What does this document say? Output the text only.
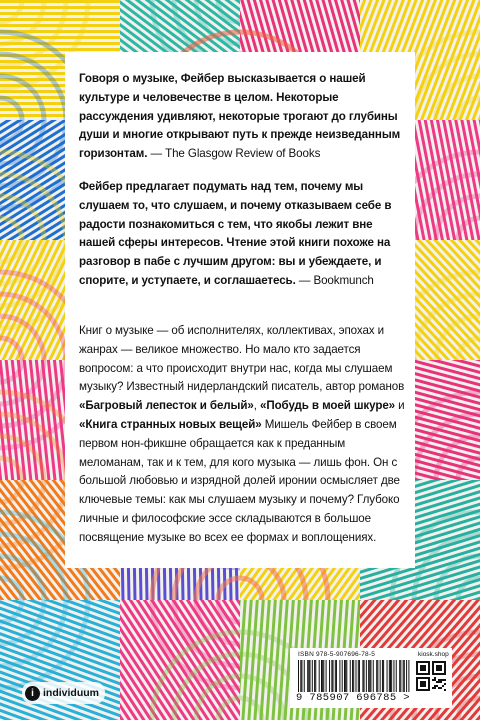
Говоря о музыке, Фейбер высказывается о нашей культуре и человечестве в целом. Некоторые рассуждения удивляют, некоторые трогают до глубины души и многие открывают путь к прежде неизведанным горизонтам. — The Glasgow Review of Books

Фейбер предлагает подумать над тем, почему мы слушаем то, что слушаем, и почему отказываем себе в радости познакомиться с тем, что якобы лежит вне нашей сферы интересов. Чтение этой книги похоже на разговор в пабе с лучшим другом: вы и убеждаете, и спорите, и уступаете, и соглашаетесь. — Bookmunch

Книг о музыке — об исполнителях, коллективах, эпохах и жанрах — великое множество. Но мало кто задается вопросом: а что происходит внутри нас, когда мы слушаем музыку? Известный нидерландский писатель, автор романов «Багровый лепесток и белый», «Побудь в моей шкуре» и «Книга странных новых вещей» Мишель Фейбер в своем первом нон-фикшне обращается как к преданным меломанам, так и к тем, для кого музыка — лишь фон. Он с большой любовью и изрядной долей иронии осмысляет две ключевые темы: как мы слушаем музыку и почему? Глубоко личные и философские эссе складываются в большое посвящение музыке во всех ее формах и воплощениях.

i individuum
ISBN 978-5-907696-78-5	kiosk.shop
9 785907 696785 >
